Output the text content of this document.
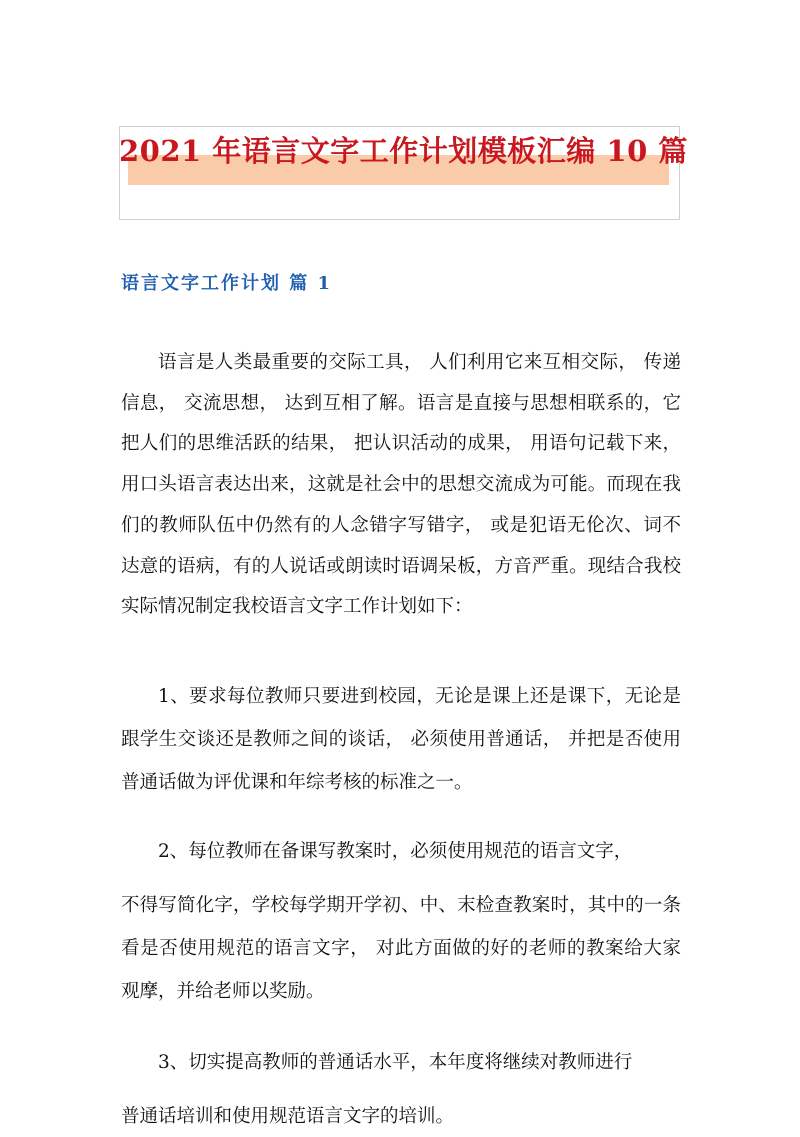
2021 年语言文字工作计划模板汇编 10 篇
语言文字工作计划 篇 1

语言是人类最重要的交际工具， 人们利用它来互相交际， 传递信息， 交流思想， 达到互相了解。语言是直接与思想相联系的，它把人们的思维活跃的结果， 把认识活动的成果， 用语句记载下来，用口头语言表达出来，这就是社会中的思想交流成为可能。而现在我们的教师队伍中仍然有的人念错字写错字， 或是犯语无伦次、词不达意的语病，有的人说话或朗读时语调呆板，方音严重。现结合我校实际情况制定我校语言文字工作计划如下：

1、要求每位教师只要进到校园，无论是课上还是课下，无论是跟学生交谈还是教师之间的谈话， 必须使用普通话， 并把是否使用普通话做为评优课和年综考核的标准之一。

2、每位教师在备课写教案时，必须使用规范的语言文字，

不得写简化字，学校每学期开学初、中、末检查教案时，其中的一条看是否使用规范的语言文字， 对此方面做的好的老师的教案给大家观摩，并给老师以奖励。

3、切实提高教师的普通话水平，本年度将继续对教师进行

普通话培训和使用规范语言文字的培训。
